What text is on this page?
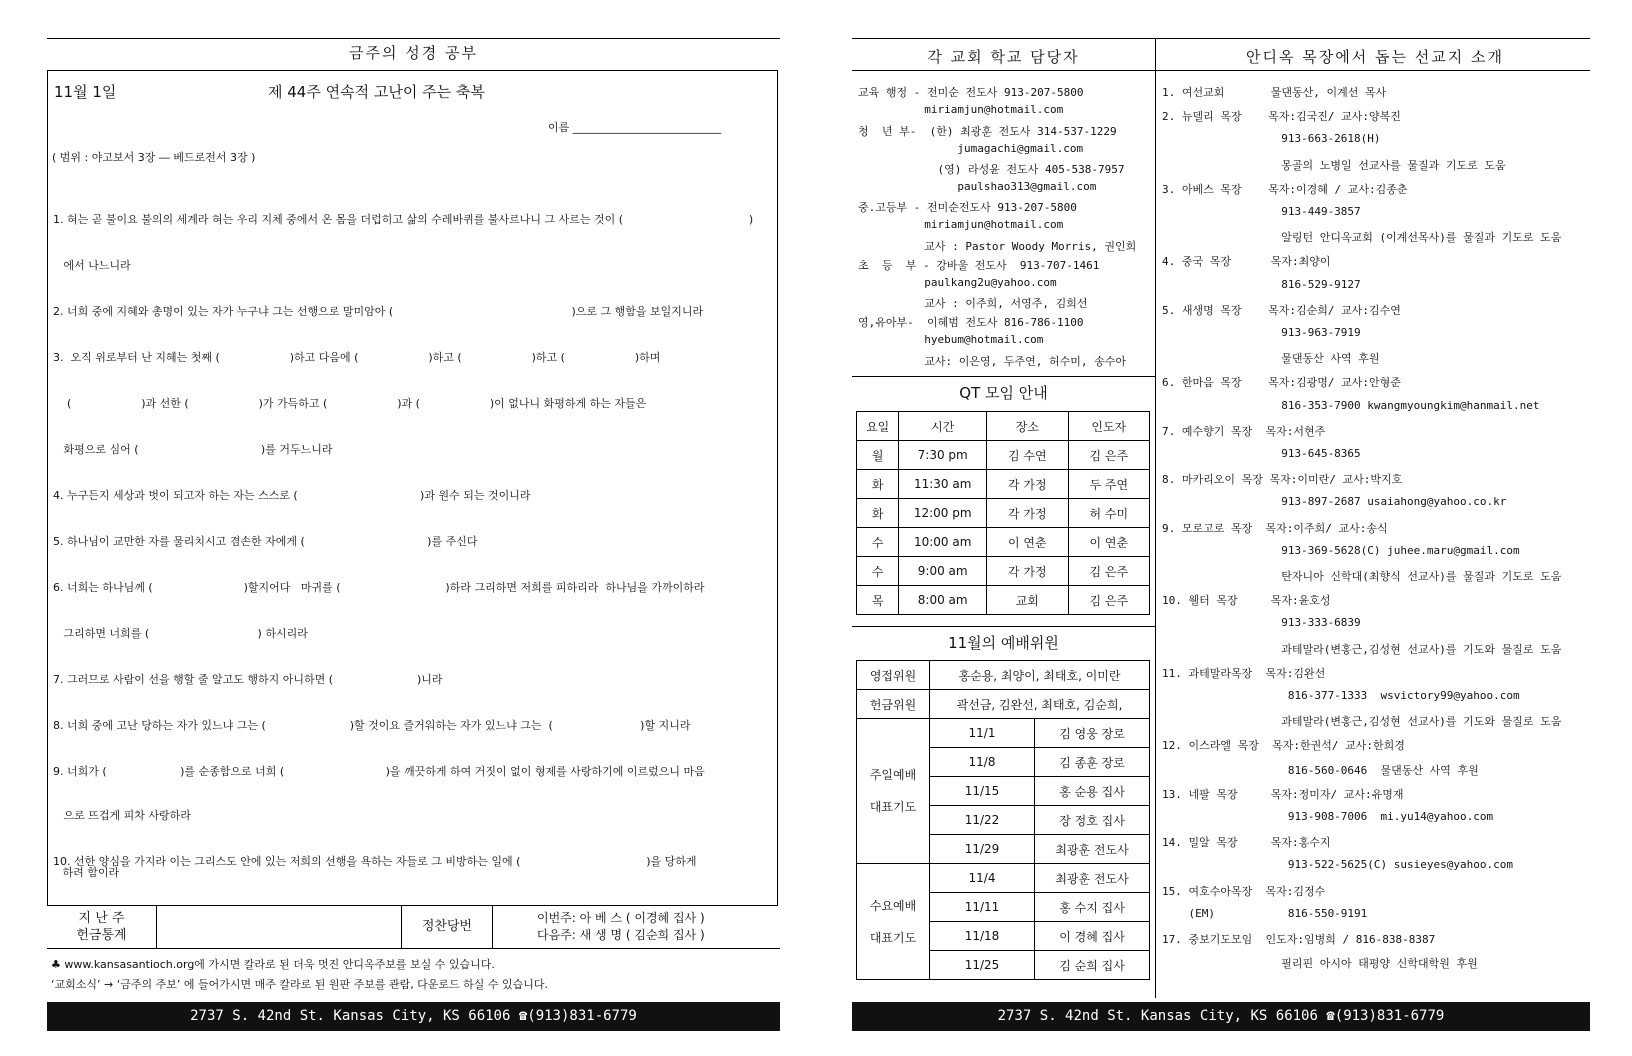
금주의 성경 공부
11월 1일	제 44주 연속적 고난이 주는 축복
이름 ___________________________
( 범위 : 야고보서 3장 ― 베드로전서 3장 )
1. 혀는 곧 불이요 불의의 세계라 혀는 우리 지체 중에서 온 몸을 더럽히고 삶의 수레바퀴를 불사르나니 그 사르는 것이 (                                    )
에서 나느니라
2. 너희 중에 지혜와 총명이 있는 자가 누구냐 그는 선행으로 말미암아 (                                                   )으로 그 행함을 보일지니라
3.  오직 위로부터 난 지혜는 첫째 (                    )하고 다음에 (                    )하고 (                    )하고 (                    )하며
(                    )과 선한 (                    )가 가득하고 (                    )과 (                    )이 없나니 화평하게 하는 자들은
화평으로 심어 (                                   )를 거두느니라
4. 누구든지 세상과 벗이 되고자 하는 자는 스스로 (                                   )과 원수 되는 것이니라
5. 하나님이 교만한 자를 물리치시고 겸손한 자에게 (                                   )를 주신다
6. 너희는 하나님께 (                          )할지어다   마귀를 (                              )하라 그리하면 저희를 피하리라  하나님을 가까이하라
그리하면 너희를 (                               ) 하시리라
7. 그러므로 사람이 선을 행할 줄 알고도 행하지 아니하면 (                        )니라
8. 너희 중에 고난 당하는 자가 있느냐 그는 (                        )할 것이요 즐거워하는 자가 있느냐 그는  (                         )할 지니라
9. 너희가 (                     )를 순종함으로 너희 (                             )을 깨끗하게 하여 거짓이 없이 형제를 사랑하기에 이르렀으니 마음
으로 뜨겁게 피차 사랑하라
10. 선한 양심을 가지라 이는 그리스도 안에 있는 저희의 선행을 욕하는 자들로 그 비방하는 일에 (                                    )을 당하게
하려 함이라
지 난 주
헌금통계
정찬당번
이번주: 아 베 스 ( 이경혜 집사 )
다음주: 새 생 명 ( 김순희 집사 )
♣ www.kansasantioch.org에 가시면 칼라로 된 더욱 멋진 안디옥주보를 보실 수 있습니다.
‘교회소식’ → ‘금주의 주보’ 에 들어가시면 매주 칼라로 된 원판 주보를 관람, 다운로드 하실 수 있습니다.
2737 S. 42nd St. Kansas City, KS 66106 ☎(913)831-6779
각 교회 학교 담당자
교육 행정 - 전미순 전도사 913-207-5800
miriamjun@hotmail.com
청  년 부-  (한) 최광훈 전도사 314-537-1229
jumagachi@gmail.com
(영) 라성윤 전도사 405-538-7957
paulshao313@gmail.com
중.고등부 - 전미순전도사 913-207-5800
miriamjun@hotmail.com
교사 : Pastor Woody Morris, 권인희
초  등  부 - 강바울 전도사  913-707-1461
paulkang2u@yahoo.com
교사 : 이주희, 서영주, 김희선
영,유아부-  이혜범 전도사 816-786-1100
hyebum@hotmail.com
교사: 이은영, 두주연, 허수미, 송수아
QT 모임 안내
요일	시간	장소	인도자
월	7:30 pm	김 수연	김 은주
화	11:30 am	각 가정	두 주연
화	12:00 pm	각 가정	허 수미
수	10:00 am	이 연춘	이 연춘
수	9:00 am	각 가정	김 은주
목	8:00 am	교회	김 은주
11월의 예배위원
영접위원	홍순용, 최양이, 최태호, 이미란	
헌금위원	곽선금, 김완선, 최태호, 김순희,	
주일예배
대표기도	11/1	김 영웅 장로
	11/8	김 종훈 장로
	11/15	홍 순용 집사
	11/22	장 정호 집사
	11/29	최광훈 전도사
수요예배
대표기도	11/4	최광훈 전도사
	11/11	홍 수지 집사
	11/18	이 경혜 집사
	11/25	김 순희 집사
안디옥 목장에서 돕는 선교지 소개
1. 여선교회       물댄동산, 이계선 목사
2. 뉴델리 목장    목자:김국진/ 교사:양복진
913-663-2618(H)
몽골의 노병일 선교사를 물질과 기도로 도움
3. 아베스 목장    목자:이경혜 / 교사:김종춘
913-449-3857
알링턴 안디옥교회 (이계선목사)를 물질과 기도로 도움
4. 중국 목장      목자:최양이
816-529-9127
5. 새생명 목장    목자:김순희/ 교사:김수연
913-963-7919
물댄동산 사역 후원
6. 한마음 목장    목자:김광명/ 교사:안형준
816-353-7900 kwangmyoungkim@hanmail.net
7. 예수향기 목장  목자:서현주
913-645-8365
8. 마카리오이 목장 목자:이미란/ 교사:박지호
913-897-2687 usaiahong@yahoo.co.kr
9. 모로고로 목장  목자:이주희/ 교사:송식
913-369-5628(C) juhee.maru@gmail.com
탄자니아 신학대(최향식 선교사)를 물질과 기도로 도움
10. 웰터 목장     목자:윤호성
913-333-6839
과테말라(변홍근,김성현 선교사)를 기도와 물질로 도움
11. 과테말라목장  목자:김완선
816-377-1333  wsvictory99@yahoo.com
과테말라(변홍근,김성현 선교사)를 기도와 물질로 도움
12. 이스라엘 목장  목자:한권석/ 교사:한희경
816-560-0646  물댄동산 사역 후원
13. 네팔 목장     목자:정미자/ 교사:유명재
913-908-7006  mi.yu14@yahoo.com
14. 밀알 목장     목자:홍수지
913-522-5625(C) susieyes@yahoo.com
15. 여호수아목장  목자:김정수
(EM)           816-550-9191
17. 중보기도모임  인도자:임병희 / 816-838-8387
필리핀 아시아 태평양 신학대학원 후원
2737 S. 42nd St. Kansas City, KS 66106 ☎(913)831-6779
